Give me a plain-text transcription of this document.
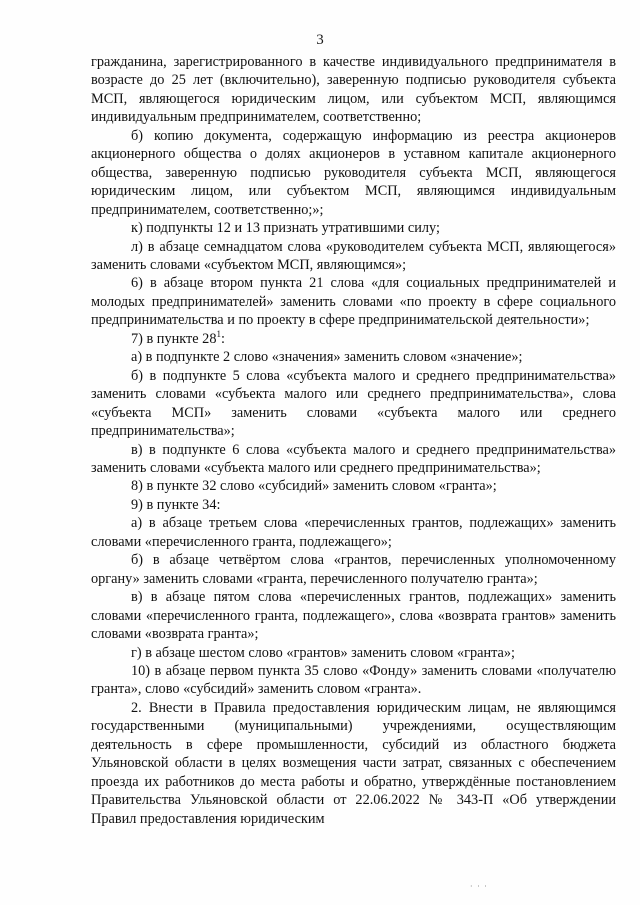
3

гражданина, зарегистрированного в качестве индивидуального предпринимателя в возрасте до 25 лет (включительно), заверенную подписью руководителя субъекта МСП, являющегося юридическим лицом, или субъектом МСП, являющимся индивидуальным предпринимателем, соответственно;

б) копию документа, содержащую информацию из реестра акционеров акционерного общества о долях акционеров в уставном капитале акционерного общества, заверенную подписью руководителя субъекта МСП, являющегося юридическим лицом, или субъектом МСП, являющимся индивидуальным предпринимателем, соответственно;»;

к) подпункты 12 и 13 признать утратившими силу;

л) в абзаце семнадцатом слова «руководителем субъекта МСП, являющегося» заменить словами «субъектом МСП, являющимся»;

6) в абзаце втором пункта 21 слова «для социальных предпринимателей и молодых предпринимателей» заменить словами «по проекту в сфере социального предпринимательства и по проекту в сфере предпринимательской деятельности»;

7) в пункте $28^1$:

а) в подпункте 2 слово «значения» заменить словом «значение»;

б) в подпункте 5 слова «субъекта малого и среднего предпринимательства» заменить словами «субъекта малого или среднего предпринимательства», слова «субъекта МСП» заменить словами «субъекта малого или среднего предпринимательства»;

в) в подпункте 6 слова «субъекта малого и среднего предпринимательства» заменить словами «субъекта малого или среднего предпринимательства»;

8) в пункте 32 слово «субсидий» заменить словом «гранта»;

9) в пункте 34:

а) в абзаце третьем слова «перечисленных грантов, подлежащих» заменить словами «перечисленного гранта, подлежащего»;

б) в абзаце четвёртом слова «грантов, перечисленных уполномоченному органу» заменить словами «гранта, перечисленного получателю гранта»;

в) в абзаце пятом слова «перечисленных грантов, подлежащих» заменить словами «перечисленного гранта, подлежащего», слова «возврата грантов» заменить словами «возврата гранта»;

г) в абзаце шестом слово «грантов» заменить словом «гранта»;

10) в абзаце первом пункта 35 слово «Фонду» заменить словами «получателю гранта», слово «субсидий» заменить словом «гранта».

2. Внести в Правила предоставления юридическим лицам, не являющимся государственными (муниципальными) учреждениями, осуществляющим деятельность в сфере промышленности, субсидий из областного бюджета Ульяновской области в целях возмещения части затрат, связанных с обеспечением проезда их работников до места работы и обратно, утверждённые постановлением Правительства Ульяновской области от 22.06.2022 № 343-П «Об утверждении Правил предоставления юридическим

· · ·
